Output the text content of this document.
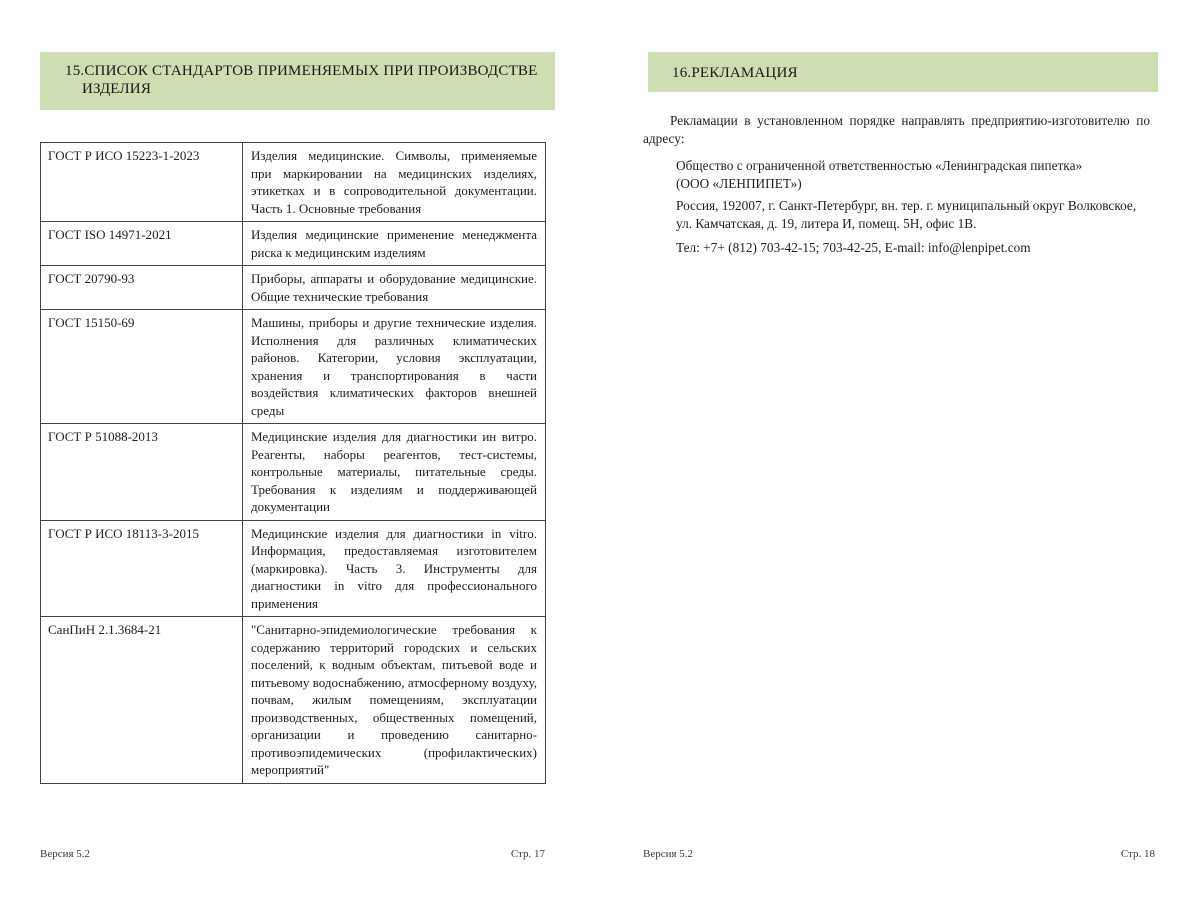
15.СПИСОК СТАНДАРТОВ ПРИМЕНЯЕМЫХ ПРИ ПРОИЗВОДСТВЕ
ИЗДЕЛИЯ
ГОСТ Р ИСО 15223-1-2023	Изделия медицинские. Символы, применяемые при маркировании на медицинских изделиях, этикетках и в сопроводительной документации. Часть 1. Основные требования
ГОСТ ISO 14971-2021	Изделия медицинские применение менеджмента риска к медицинским изделиям
ГОСТ 20790-93	Приборы, аппараты и оборудование медицинские. Общие технические требования
ГОСТ 15150-69	Машины, приборы и другие технические изделия. Исполнения для различных климатических районов. Категории, условия эксплуатации, хранения и транспортирования в части воздействия климатических факторов внешней среды
ГОСТ Р 51088-2013	Медицинские изделия для диагностики ин витро. Реагенты, наборы реагентов, тест-системы, контрольные материалы, питательные среды. Требования к изделиям и поддерживающей документации
ГОСТ Р ИСО 18113-3-2015	Медицинские изделия для диагностики in vitro. Информация, предоставляемая изготовителем (маркировка). Часть 3. Инструменты для диагностики in vitro для профессионального применения
СанПиН 2.1.3684-21	"Санитарно-эпидемиологические требования к содержанию территорий городских и сельских поселений, к водным объектам, питьевой воде и питьевому водоснабжению, атмосферному воздуху, почвам, жилым помещениям, эксплуатации производственных, общественных помещений, организации и проведению санитарно-противоэпидемических (профилактических) мероприятий"
Версия 5.2	Стр. 17
16.РЕКЛАМАЦИЯ

Рекламации в установленном порядке направлять предприятию-изготовителю по адресу:

Общество с ограниченной ответственностью «Ленинградская пипетка»
(ООО «ЛЕНПИПЕТ»)
Россия, 192007, г. Санкт-Петербург, вн. тер. г. муниципальный округ Волковское,
ул. Камчатская, д. 19, литера И, помещ. 5Н, офис 1В.
Тел: +7+ (812) 703-42-15; 703-42-25, E-mail: info@lenpipet.com
Версия 5.2	Стр. 18
